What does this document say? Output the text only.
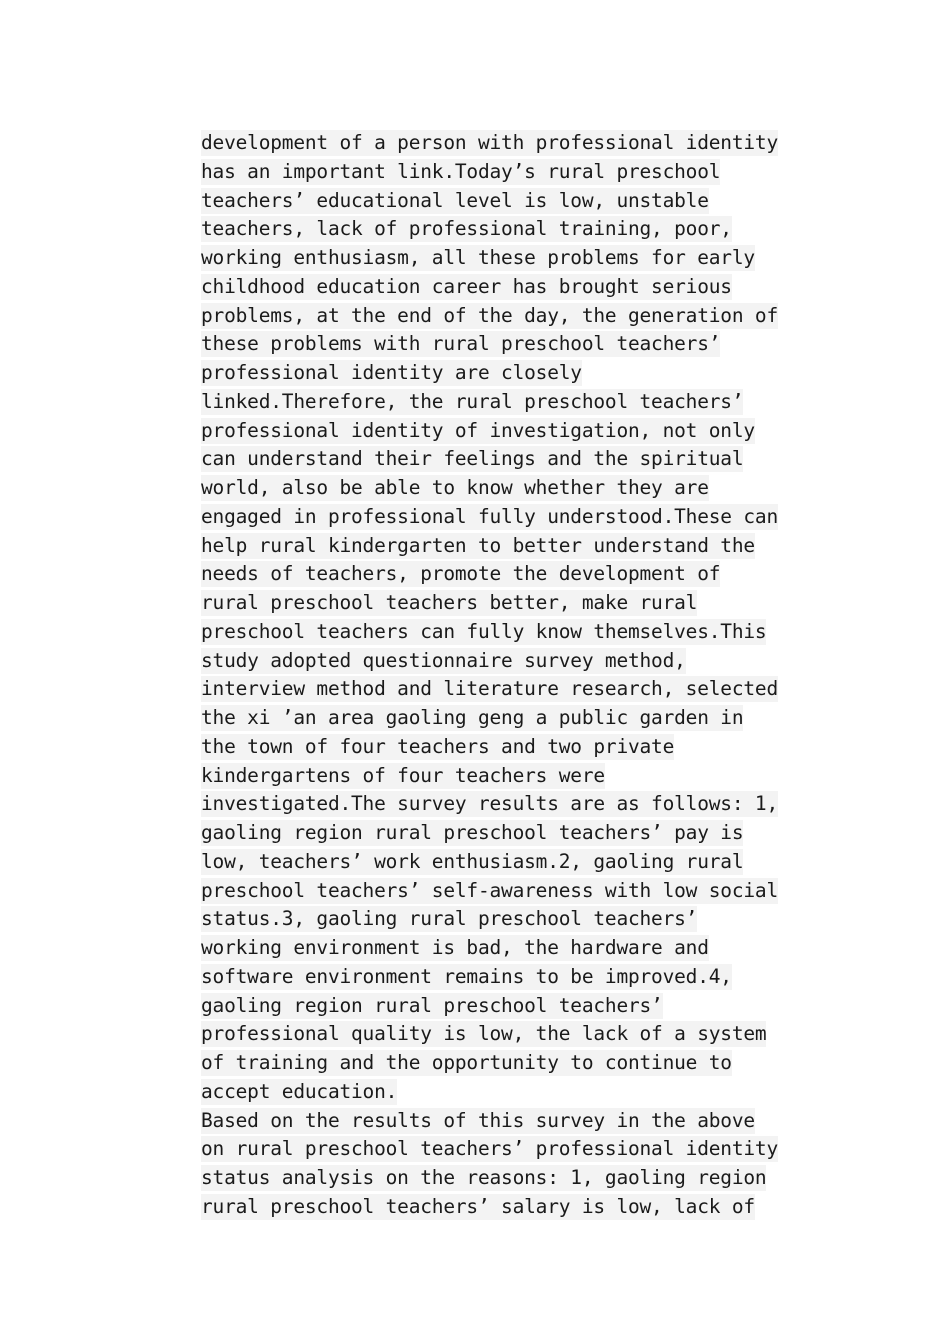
development of a person with professional identity
has an important link.Today’s rural preschool
teachers’ educational level is low, unstable
teachers, lack of professional training, poor,
working enthusiasm, all these problems for early
childhood education career has brought serious
problems, at the end of the day, the generation of
these problems with rural preschool teachers’
professional identity are closely
linked.Therefore, the rural preschool teachers’
professional identity of investigation, not only
can understand their feelings and the spiritual
world, also be able to know whether they are
engaged in professional fully understood.These can
help rural kindergarten to better understand the
needs of teachers, promote the development of
rural preschool teachers better, make rural
preschool teachers can fully know themselves.This
study adopted questionnaire survey method,
interview method and literature research, selected
the xi ’an area gaoling geng a public garden in
the town of four teachers and two private
kindergartens of four teachers were
investigated.The survey results are as follows: 1,
gaoling region rural preschool teachers’ pay is
low, teachers’ work enthusiasm.2, gaoling rural
preschool teachers’ self-awareness with low social
status.3, gaoling rural preschool teachers’
working environment is bad, the hardware and
software environment remains to be improved.4,
gaoling region rural preschool teachers’
professional quality is low, the lack of a system
of training and the opportunity to continue to
accept education.
Based on the results of this survey in the above
on rural preschool teachers’ professional identity
status analysis on the reasons: 1, gaoling region
rural preschool teachers’ salary is low, lack of
